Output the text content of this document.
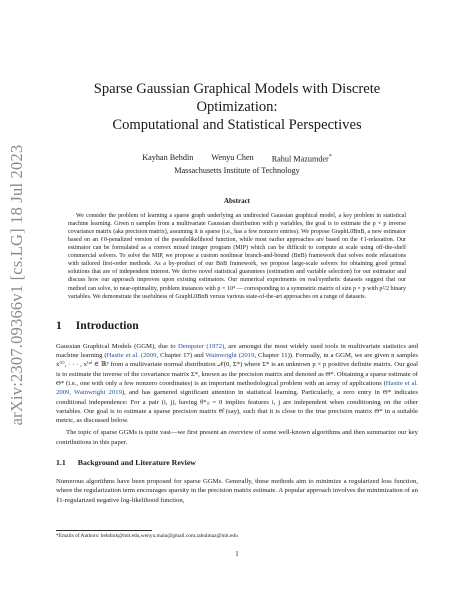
arXiv:2307.09366v1 [cs.LG] 18 Jul 2023
Sparse Gaussian Graphical Models with Discrete Optimization:
Computational and Statistical Perspectives
Kayhan Behdin Wenyu Chen Rahul Mazumder*
Massachusetts Institute of Technology
Abstract
We consider the problem of learning a sparse graph underlying an undirected Gaussian graphical model, a key problem in statistical machine learning. Given n samples from a multivariate Gaussian distribution with p variables, the goal is to estimate the p × p inverse covariance matrix (aka precision matrix), assuming it is sparse (i.e., has a few nonzero entries). We propose GraphL0BnB, a new estimator based on an ℓ0-penalized version of the pseudolikelihood function, while most earlier approaches are based on the ℓ1-relaxation. Our estimator can be formulated as a convex mixed integer program (MIP) which can be difficult to compute at scale using off-the-shelf commercial solvers. To solve the MIP, we propose a custom nonlinear branch-and-bound (BnB) framework that solves node relaxations with tailored first-order methods. As a by-product of our BnB framework, we propose large-scale solvers for obtaining good primal solutions that are of independent interest. We derive novel statistical guarantees (estimation and variable selection) for our estimator and discuss how our approach improves upon existing estimators. Our numerical experiments on real/synthetic datasets suggest that our method can solve, to near-optimality, problem instances with p = 10⁴ — corresponding to a symmetric matrix of size p × p with p²/2 binary variables. We demonstrate the usefulness of GraphL0BnB versus various state-of-the-art approaches on a range of datasets.
1 Introduction
Gaussian Graphical Models (GGM), due to Dempster (1972), are amongst the most widely used tools in multivariate statistics and machine learning (Hastie et al. (2009, Chapter 17) and Wainwright (2019, Chapter 11)). Formally, in a GGM, we are given n samples x⁽¹⁾, · · · , x⁽ⁿ⁾ ∈ ℝᵖ from a multivariate normal distribution 𝒩(0, Σ*) where Σ* is an unknown p × p positive definite matrix. Our goal is to estimate the inverse of the covariance matrix Σ*, known as the precision matrix and denoted as Θ*. Obtaining a sparse estimate of Θ* (i.e., one with only a few nonzero coordinates) is an important methodological problem with an array of applications (Hastie et al. 2009, Wainwright 2019), and has garnered significant attention in statistical learning. Particularly, a zero entry in Θ* indicates conditional independence: For a pair (i, j), having θ*ᵢⱼ = 0 implies features i, j are independent when conditioning on the other variables. Our goal is to estimate a sparse precision matrix Θ̂ (say), such that it is close to the true precision matrix Θ* in a suitable metric, as discussed below.
The topic of sparse GGMs is quite vast—we first present an overview of some well-known algorithms and then summarize our key contributions in this paper.
1.1 Background and Literature Review
Numerous algorithms have been proposed for sparse GGMs. Generally, these methods aim to minimize a regularized loss function, where the regularization term encourages sparsity in the precision matrix estimate. A popular approach involves the minimization of an ℓ1-regularized negative log-likelihood function,
*Emails of Authors: behdink@mit.edu,wenyu.main@gmail.com,rahulmaz@mit.edu
1
